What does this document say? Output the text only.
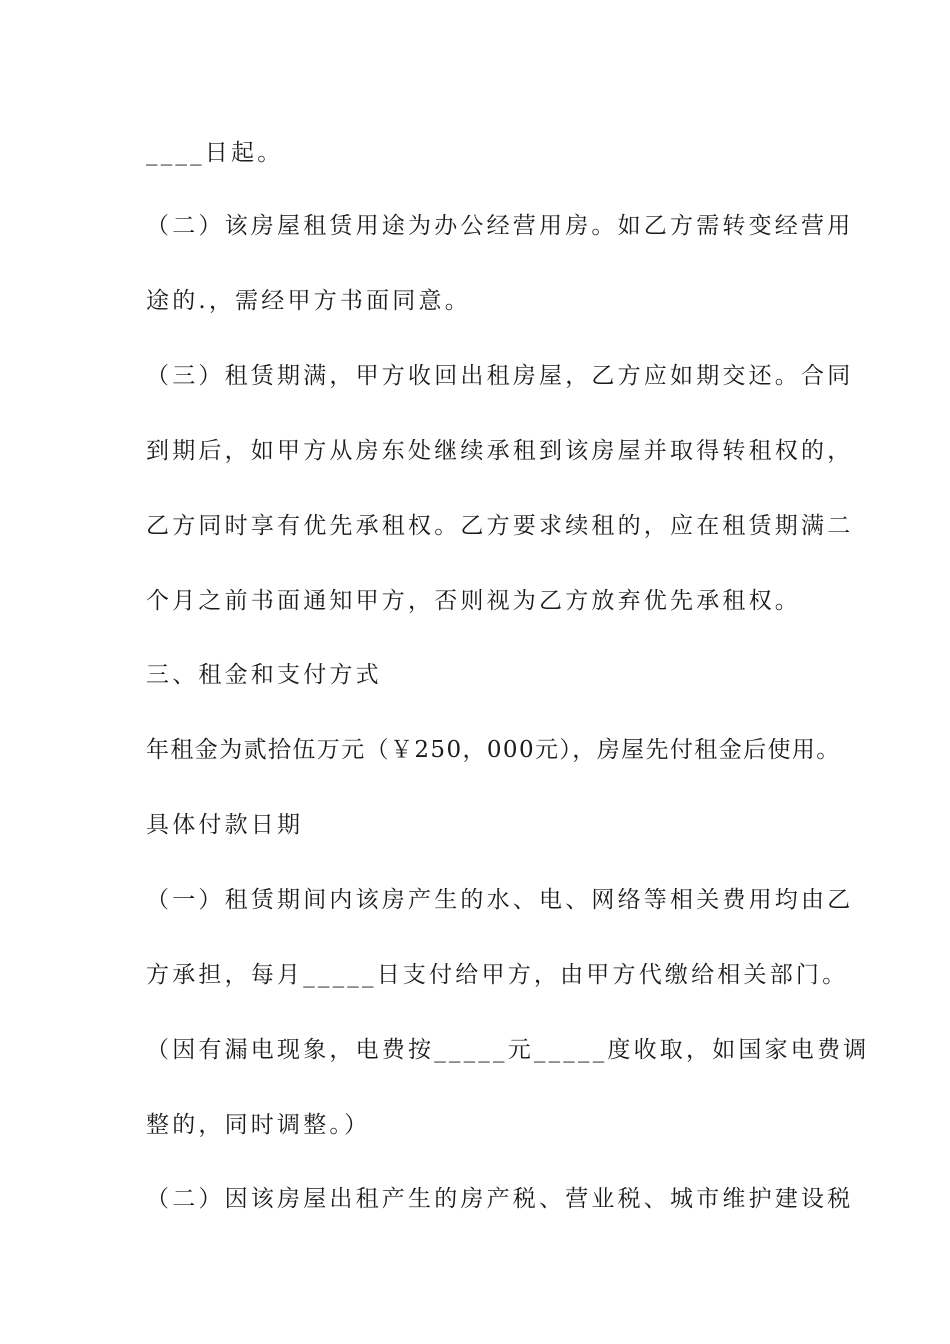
____日起。
（二）该房屋租赁用途为办公经营用房。如乙方需转变经营用
途的.，需经甲方书面同意。
（三）租赁期满，甲方收回出租房屋，乙方应如期交还。合同
到期后，如甲方从房东处继续承租到该房屋并取得转租权的，
乙方同时享有优先承租权。乙方要求续租的，应在租赁期满二
个月之前书面通知甲方，否则视为乙方放弃优先承租权。
三、租金和支付方式
年租金为贰拾伍万元（￥250，000元），房屋先付租金后使用。
具体付款日期
（一）租赁期间内该房产生的水、电、网络等相关费用均由乙
方承担，每月_____日支付给甲方，由甲方代缴给相关部门。
（因有漏电现象，电费按_____元_____度收取，如国家电费调
整的，同时调整。）
（二）因该房屋出租产生的房产税、营业税、城市维护建设税
